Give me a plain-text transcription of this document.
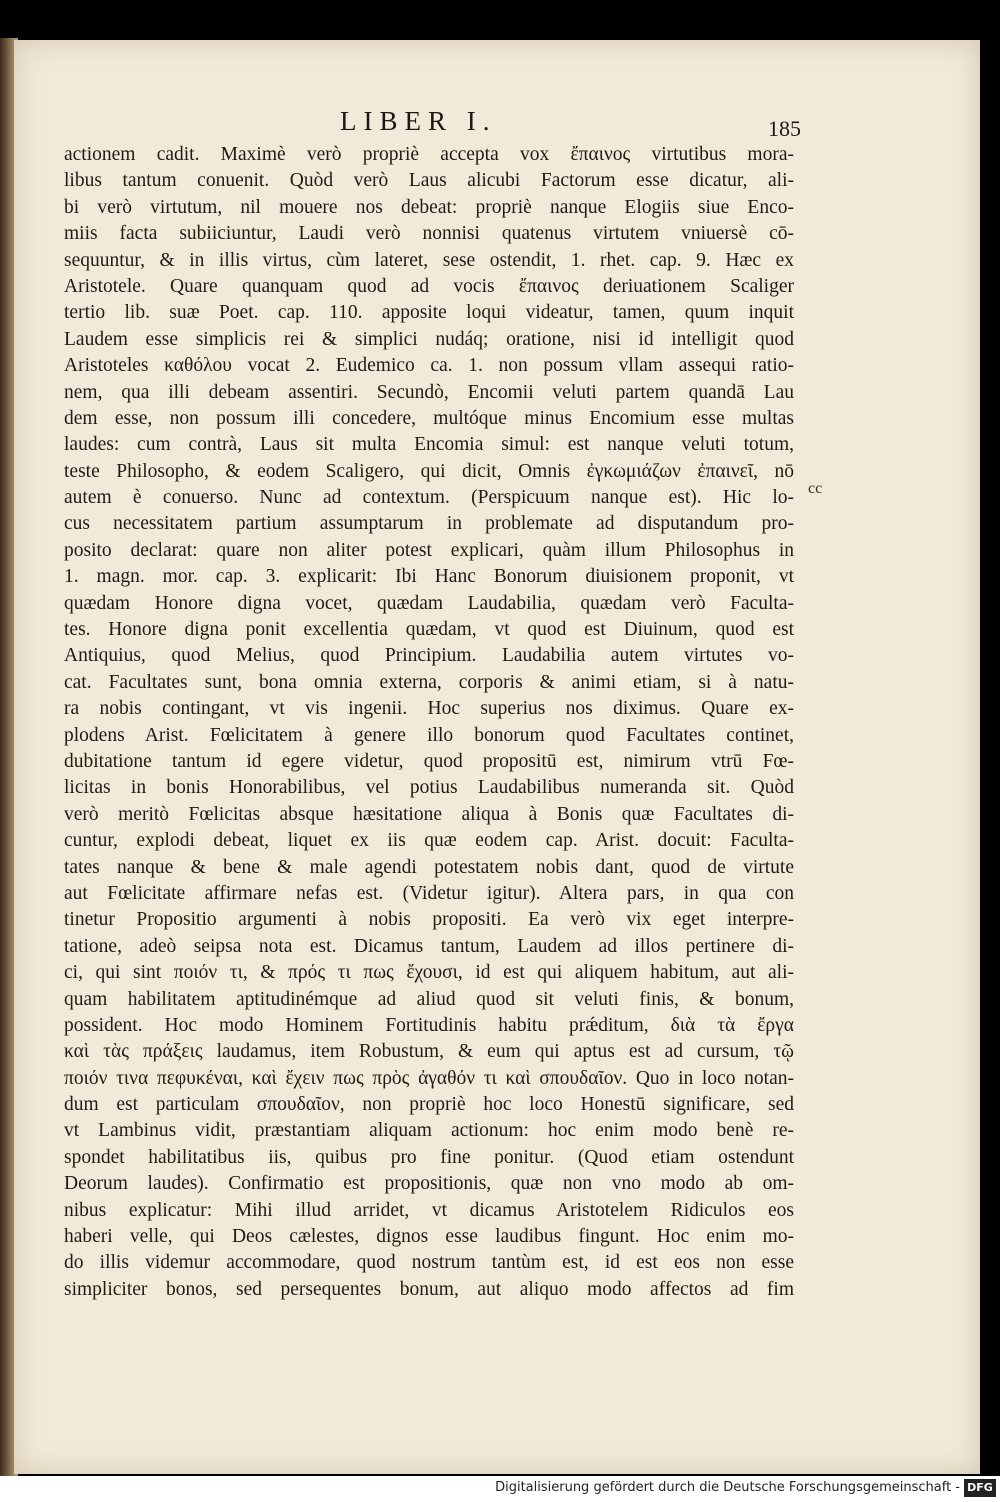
LIBER I.	185
actionem cadit. Maximè verò propriè accepta vox ἔπαινος virtutibus mora-
libus tantum conuenit. Quòd verò Laus alicubi Factorum esse dicatur, ali-
bi verò virtutum, nil mouere nos debeat: propriè nanque Elogiis siue Enco-
miis facta subiiciuntur, Laudi verò nonnisi quatenus virtutem vniuersè cō-
sequuntur, & in illis virtus, cùm lateret, sese ostendit, 1. rhet. cap. 9. Hæc ex
Aristotele. Quare quanquam quod ad vocis ἔπαινος deriuationem Scaliger
tertio lib. suæ Poet. cap. 110. apposite loqui videatur, tamen, quum inquit
Laudem esse simplicis rei & simplici nudáq; oratione, nisi id intelligit quod
Aristoteles καθόλου vocat 2. Eudemico ca. 1. non possum vllam assequi ratio-
nem, qua illi debeam assentiri. Secundò, Encomii veluti partem quandā Lau
dem esse, non possum illi concedere, multóque minus Encomium esse multas
laudes: cum contrà, Laus sit multa Encomia simul: est nanque veluti totum,
teste Philosopho, & eodem Scaligero, qui dicit, Omnis ἐγκωμιάζων ἐπαινεῖ, nō
autem è conuerso. Nunc ad contextum. (Perspicuum nanque est). Hic lo-
cus necessitatem partium assumptarum in problemate ad disputandum pro-
posito declarat: quare non aliter potest explicari, quàm illum Philosophus in
1. magn. mor. cap. 3. explicarit: Ibi Hanc Bonorum diuisionem proponit, vt
quædam Honore digna vocet, quædam Laudabilia, quædam verò Faculta-
tes. Honore digna ponit excellentia quædam, vt quod est Diuinum, quod est
Antiquius, quod Melius, quod Principium. Laudabilia autem virtutes vo-
cat. Facultates sunt, bona omnia externa, corporis & animi etiam, si à natu-
ra nobis contingant, vt vis ingenii. Hoc superius nos diximus. Quare ex-
plodens Arist. Fœlicitatem à genere illo bonorum quod Facultates continet,
dubitatione tantum id egere videtur, quod propositū est, nimirum vtrū Fœ-
licitas in bonis Honorabilibus, vel potius Laudabilibus numeranda sit. Quòd
verò meritò Fœlicitas absque hæsitatione aliqua à Bonis quæ Facultates di-
cuntur, explodi debeat, liquet ex iis quæ eodem cap. Arist. docuit: Faculta-
tates nanque & bene & male agendi potestatem nobis dant, quod de virtute
aut Fœlicitate affirmare nefas est. (Videtur igitur). Altera pars, in qua con
tinetur Propositio argumenti à nobis propositi. Ea verò vix eget interpre-
tatione, adeò seipsa nota est. Dicamus tantum, Laudem ad illos pertinere di-
ci, qui sint ποιόν τι, & πρός τι πως ἔχουσι, id est qui aliquem habitum, aut ali-
quam habilitatem aptitudinémque ad aliud quod sit veluti finis, & bonum,
possident. Hoc modo Hominem Fortitudinis habitu prǽditum, διὰ τὰ ἔργα
καὶ τὰς πράξεις laudamus, item Robustum, & eum qui aptus est ad cursum, τῷ
ποιόν τινα πεφυκέναι, καὶ ἔχειν πως πρὸς ἀγαθόν τι καὶ σπουδαῖον. Quo in loco notan-
dum est particulam σπουδαῖον, non propriè hoc loco Honestū significare, sed
vt Lambinus vidit, præstantiam aliquam actionum: hoc enim modo benè re-
spondet habilitatibus iis, quibus pro fine ponitur. (Quod etiam ostendunt
Deorum laudes). Confirmatio est propositionis, quæ non vno modo ab om-
nibus explicatur: Mihi illud arridet, vt dicamus Aristotelem Ridiculos eos
haberi velle, qui Deos cælestes, dignos esse laudibus fingunt. Hoc enim mo-
do illis videmur accommodare, quod nostrum tantùm est, id est eos non esse
simpliciter bonos, sed persequentes bonum, aut aliquo modo affectos ad fim
cc
Digitalisierung gefördert durch die Deutsche Forschungsgemeinschaft - DFG
